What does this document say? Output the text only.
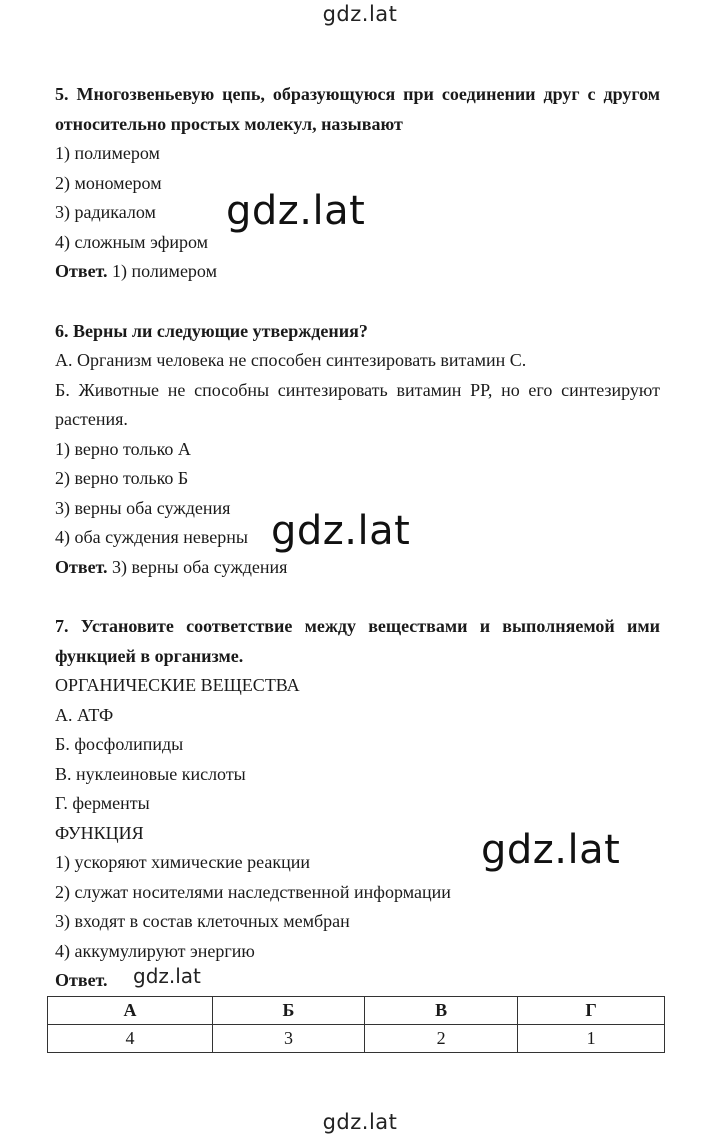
gdz.lat
5. Многозвеньевую цепь, образующуюся при соединении друг с другом относительно простых молекул, называют
1) полимером
2) мономером
3) радикалом
4) сложным эфиром
Ответ. 1) полимером
6. Верны ли следующие утверждения?
А. Организм человека не способен синтезировать витамин С.
Б. Животные не способны синтезировать витамин РР, но его синтезируют растения.
1) верно только А
2) верно только Б
3) верны оба суждения
4) оба суждения неверны
Ответ. 3) верны оба суждения
7. Установите соответствие между веществами и выполняемой ими функцией в организме.
ОРГАНИЧЕСКИЕ ВЕЩЕСТВА
А. АТФ
Б. фосфолипиды
В. нуклеиновые кислоты
Г. ферменты
ФУНКЦИЯ
1) ускоряют химические реакции
2) служат носителями наследственной информации
3) входят в состав клеточных мембран
4) аккумулируют энергию
Ответ.
gdz.lat
gdz.lat
gdz.lat
gdz.lat
А	Б	В	Г
4	3	2	1
gdz.lat
